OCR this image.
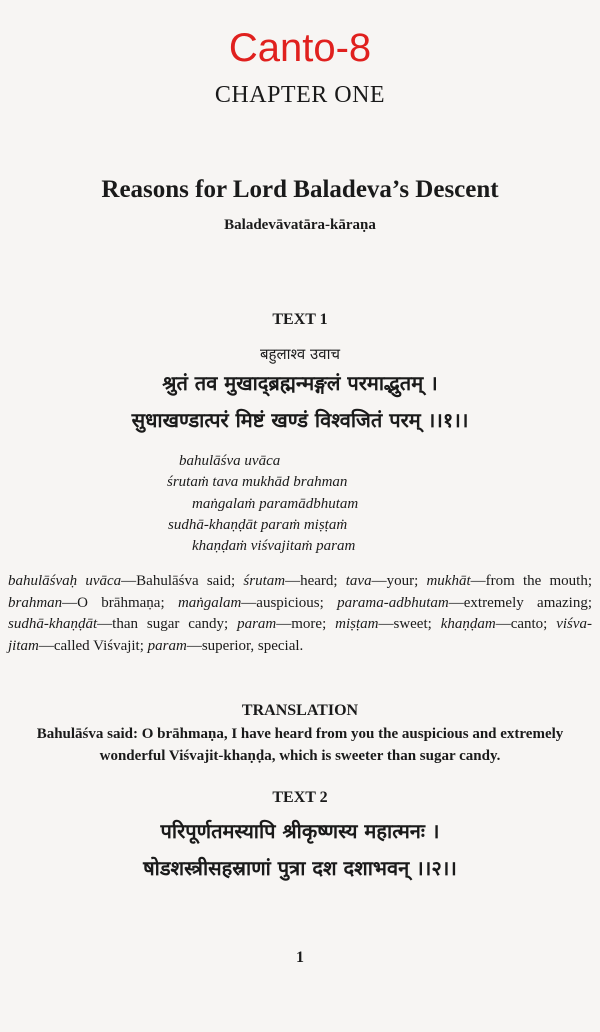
Canto-8
CHAPTER ONE
Reasons for Lord Baladeva’s Descent
Baladevāvatāra-kāraṇa
TEXT 1
बहुलाश्व उवाच
श्रुतं तव मुखाद्ब्रह्मन्मङ्गलं परमाद्भुतम् ।
सुधाखण्डात्परं मिष्टं खण्डं विश्वजितं परम् ।।१।।
bahulāśva uvāca
śrutaṁ tava mukhād brahman
maṅgalaṁ paramādbhutam
sudhā-khaṇḍāt paraṁ miṣṭaṁ
khaṇḍaṁ viśvajitaṁ param
bahulāśvaḥ uvāca—Bahulāśva said; śrutam—heard; tava—your; mukhāt—from the mouth; brahman—O brāhmaṇa; maṅgalam—auspicious; parama-adbhutam—extremely amazing; sudhā-khaṇḍāt—than sugar candy; param—more; miṣṭam—sweet; khaṇḍam—canto; viśva-jitam—called Viśvajit; param—superior, special.
TRANSLATION
Bahulāśva said: O brāhmaṇa, I have heard from you the auspicious and extremely wonderful Viśvajit-khaṇḍa, which is sweeter than sugar candy.
TEXT 2
परिपूर्णतमस्यापि श्रीकृष्णस्य महात्मनः ।
षोडशस्त्रीसहस्राणां पुत्रा दश दशाभवन् ।।२।।
1
